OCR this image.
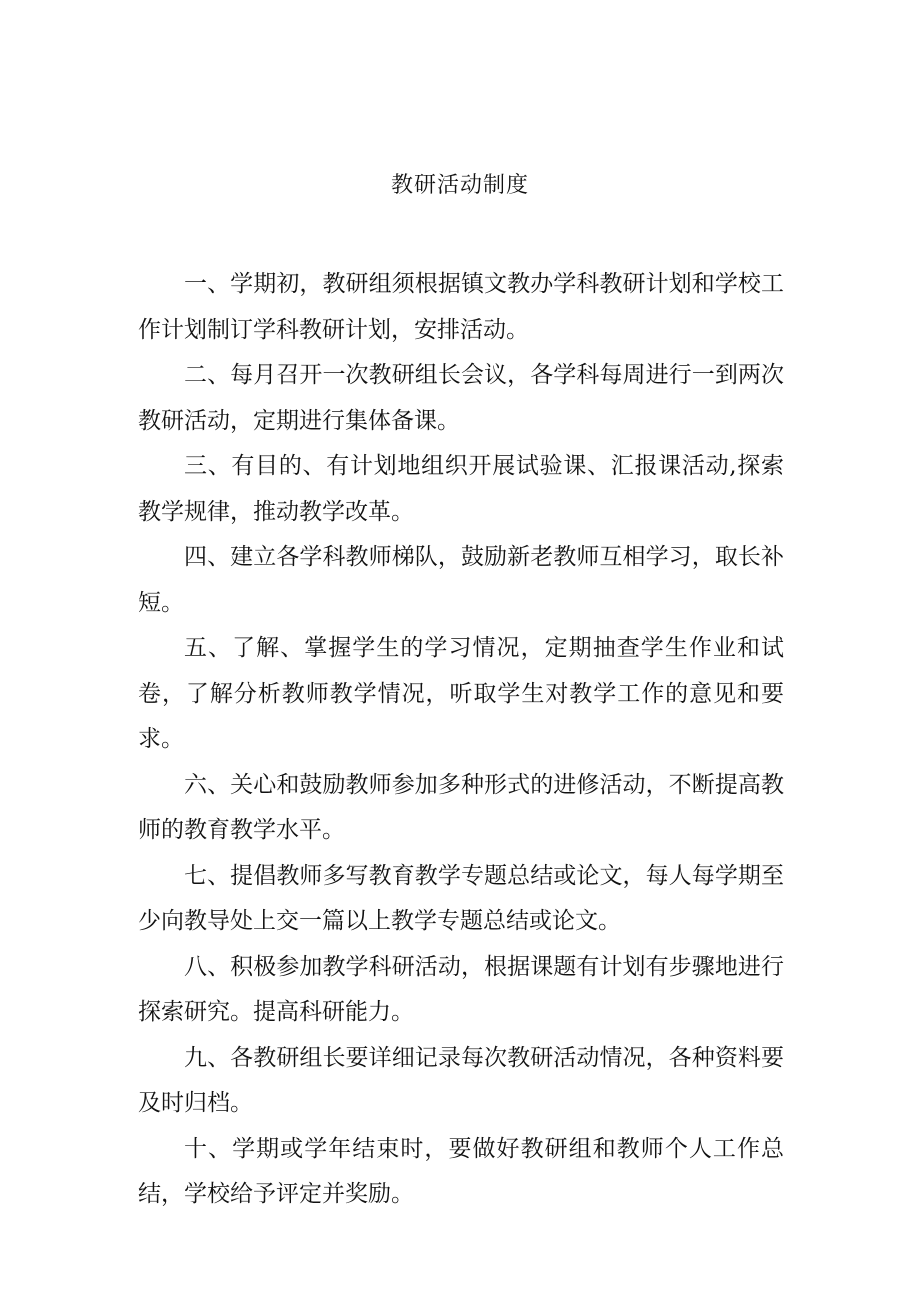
教研活动制度

一、学期初，教研组须根据镇文教办学科教研计划和学校工作计划制订学科教研计划，安排活动。

二、每月召开一次教研组长会议，各学科每周进行一到两次教研活动，定期进行集体备课。

三、有目的、有计划地组织开展试验课、汇报课活动,探索教学规律，推动教学改革。

四、建立各学科教师梯队，鼓励新老教师互相学习，取长补短。

五、了解、掌握学生的学习情况，定期抽查学生作业和试卷，了解分析教师教学情况，听取学生对教学工作的意见和要求。

六、关心和鼓励教师参加多种形式的进修活动，不断提高教师的教育教学水平。

七、提倡教师多写教育教学专题总结或论文，每人每学期至少向教导处上交一篇以上教学专题总结或论文。

八、积极参加教学科研活动，根据课题有计划有步骤地进行探索研究。提高科研能力。

九、各教研组长要详细记录每次教研活动情况，各种资料要及时归档。

十、学期或学年结束时，要做好教研组和教师个人工作总结，学校给予评定并奖励。
